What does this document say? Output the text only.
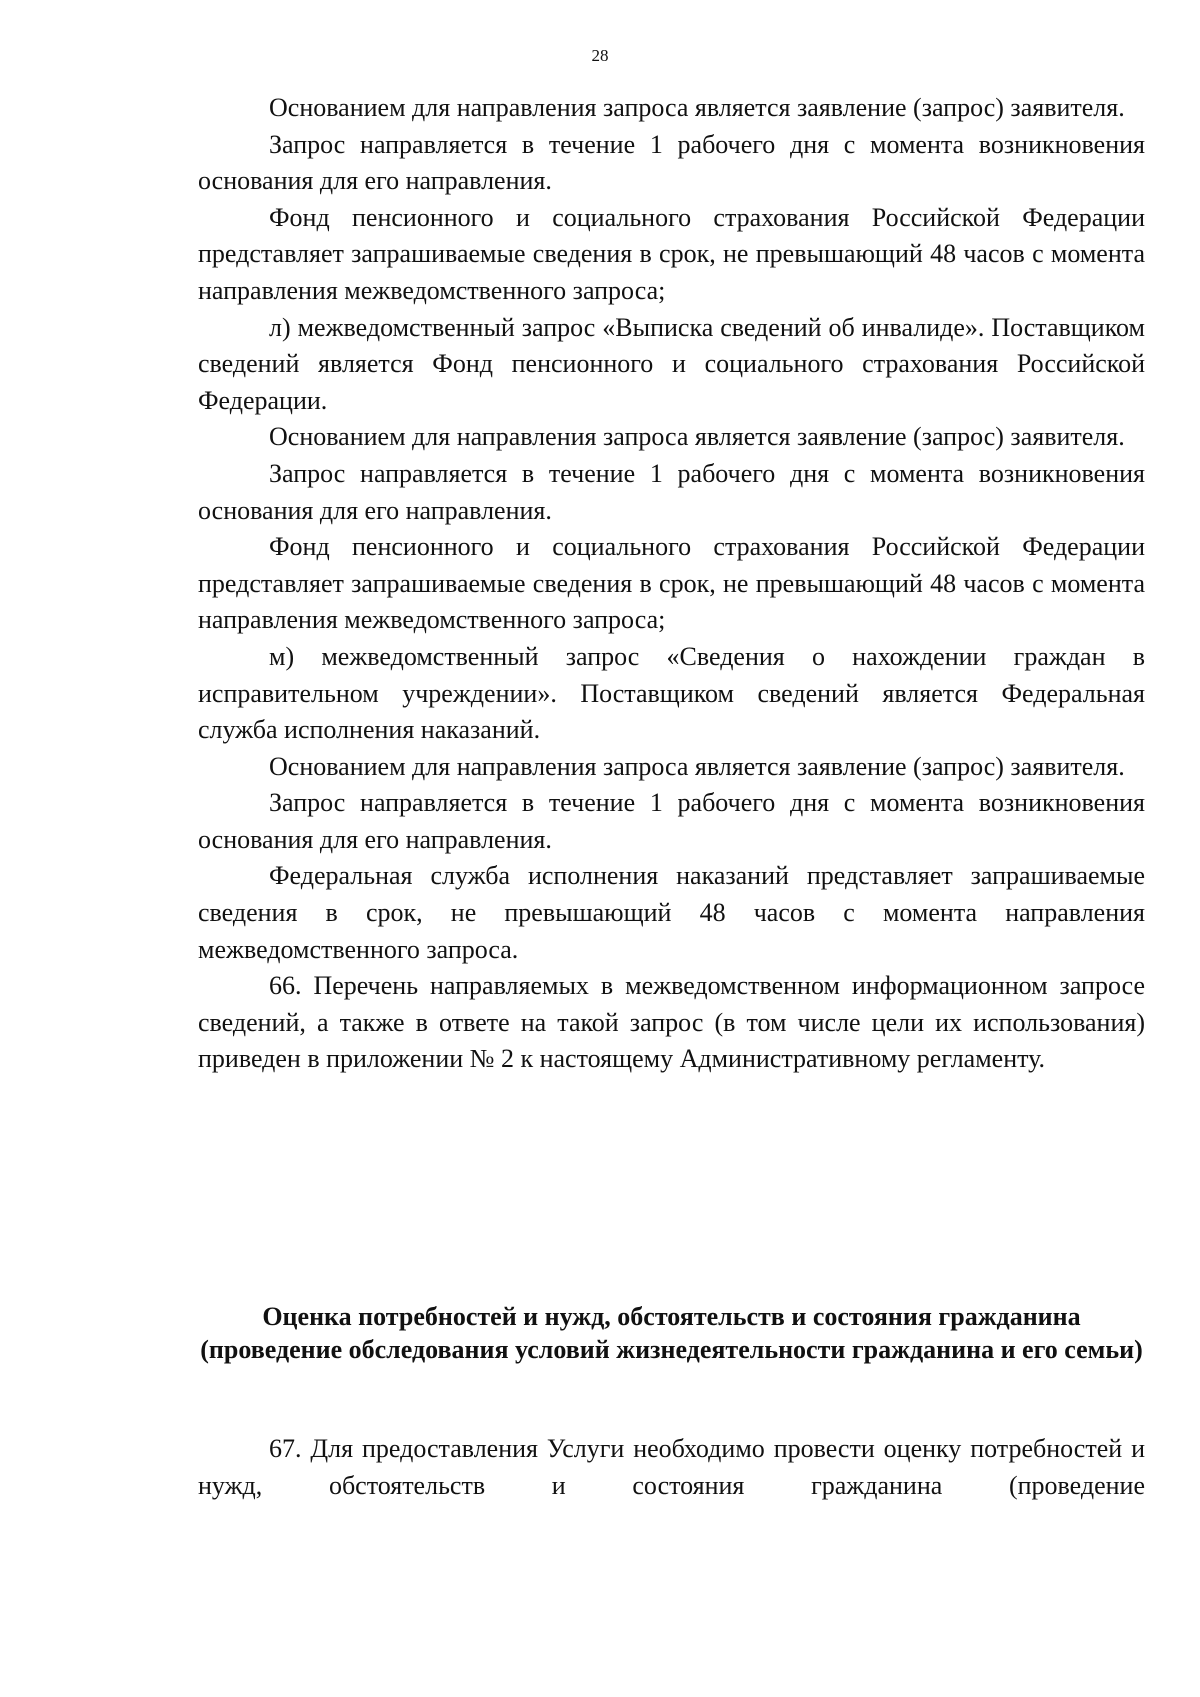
28

Основанием для направления запроса является заявление (запрос) заявителя.

Запрос направляется в течение 1 рабочего дня с момента возникновения основания для его направления.

Фонд пенсионного и социального страхования Российской Федерации представляет запрашиваемые сведения в срок, не превышающий 48 часов с момента направления межведомственного запроса;

л) межведомственный запрос «Выписка сведений об инвалиде». Поставщиком сведений является Фонд пенсионного и социального страхования Российской Федерации.

Основанием для направления запроса является заявление (запрос) заявителя.

Запрос направляется в течение 1 рабочего дня с момента возникновения основания для его направления.

Фонд пенсионного и социального страхования Российской Федерации представляет запрашиваемые сведения в срок, не превышающий 48 часов с момента направления межведомственного запроса;

м) межведомственный запрос «Сведения о нахождении граждан в исправительном учреждении». Поставщиком сведений является Федеральная служба исполнения наказаний.

Основанием для направления запроса является заявление (запрос) заявителя.

Запрос направляется в течение 1 рабочего дня с момента возникновения основания для его направления.

Федеральная служба исполнения наказаний представляет запрашиваемые сведения в срок, не превышающий 48 часов с момента направления межведомственного запроса.

66. Перечень направляемых в межведомственном информационном запросе сведений, а также в ответе на такой запрос (в том числе цели их использования) приведен в приложении № 2 к настоящему Административному регламенту.

Оценка потребностей и нужд, обстоятельств и состояния гражданина (проведение обследования условий жизнедеятельности гражданина и его семьи)

67. Для предоставления Услуги необходимо провести оценку потребностей и нужд, обстоятельств и состояния гражданина (проведение
